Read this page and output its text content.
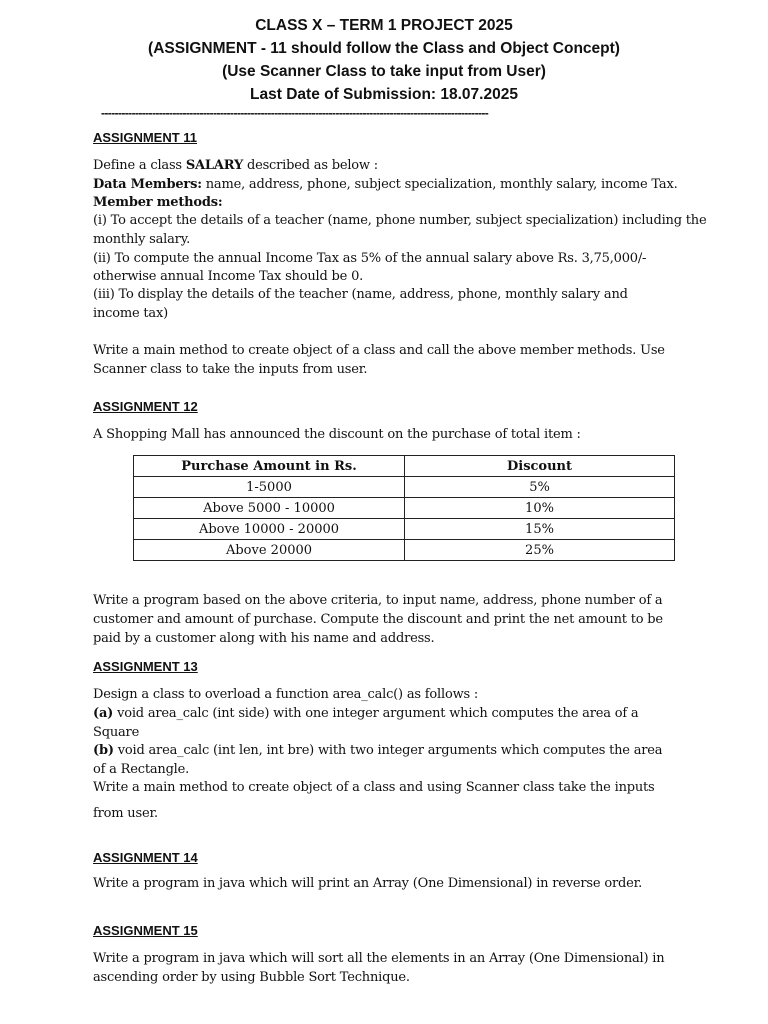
CLASS X – TERM 1 PROJECT 2025
(ASSIGNMENT - 11 should follow the Class and Object Concept)
(Use Scanner Class to take input from User)
Last Date of Submission: 18.07.2025
------------------------------------------------------------------------------------------------------------------
ASSIGNMENT 11
Define a class SALARY described as below :
Data Members: name, address, phone, subject specialization, monthly salary, income Tax.
Member methods:
(i) To accept the details of a teacher (name, phone number, subject specialization) including the
monthly salary.
(ii) To compute the annual Income Tax as 5% of the annual salary above Rs. 3,75,000/-
otherwise annual Income Tax should be 0.
(iii) To display the details of the teacher (name, address, phone, monthly salary and
income tax)
Write a main method to create object of a class and call the above member methods. Use
Scanner class to take the inputs from user.
ASSIGNMENT 12
A Shopping Mall has announced the discount on the purchase of total item :
Purchase Amount in Rs.	Discount
1-5000	5%
Above 5000 - 10000	10%
Above 10000 - 20000	15%
Above 20000	25%
Write a program based on the above criteria, to input name, address, phone number of a
customer and amount of purchase. Compute the discount and print the net amount to be
paid by a customer along with his name and address.
ASSIGNMENT 13
Design a class to overload a function area_calc() as follows :
(a) void area_calc (int side) with one integer argument which computes the area of a
Square
(b) void area_calc (int len, int bre) with two integer arguments which computes the area
of a Rectangle.
Write a main method to create object of a class and using Scanner class take the inputs
from user.
ASSIGNMENT 14
Write a program in java which will print an Array (One Dimensional) in reverse order.
ASSIGNMENT 15
Write a program in java which will sort all the elements in an Array (One Dimensional) in
ascending order by using Bubble Sort Technique.
